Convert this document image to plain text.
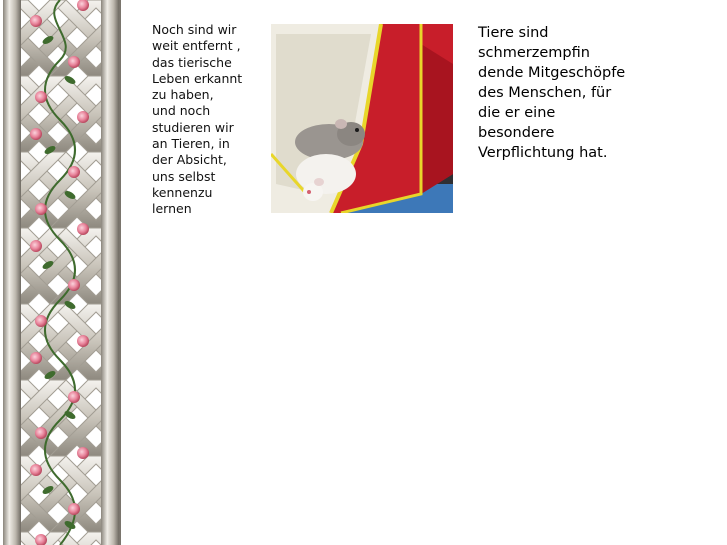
Noch sind wir
weit entfernt ,
das tierische
Leben erkannt
zu haben,
und noch
studieren wir
an Tieren, in
der Absicht,
uns selbst
kennenzu
lernen
Tiere sind
schmerzempfin
dende Mitgeschöpfe
des Menschen, für
die er eine
besondere
Verpflichtung hat.
